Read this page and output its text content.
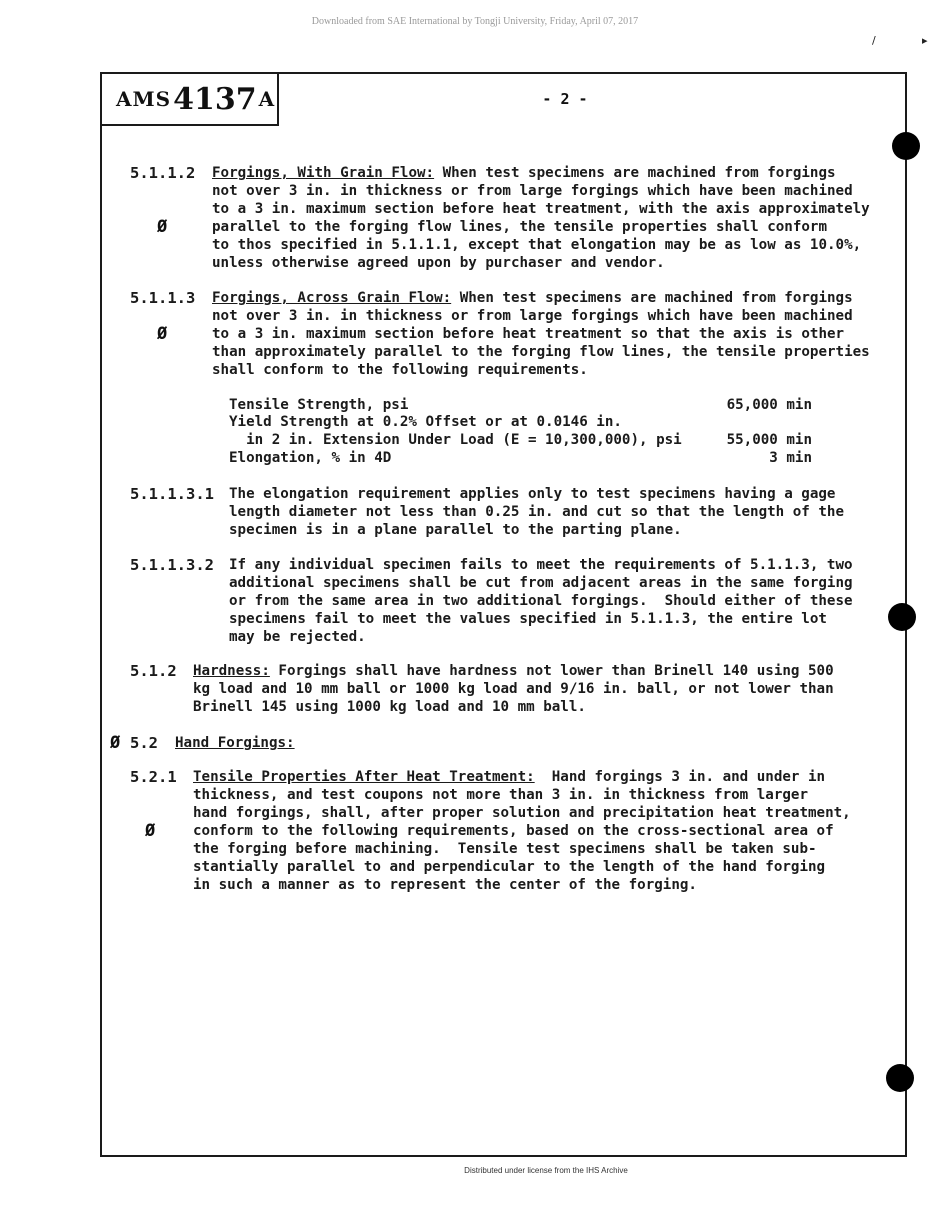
Downloaded from SAE International by Tongji University, Friday, April 07, 2017
/	▸
AMS 4137 A	- 2 -
5.1.1.2 Forgings, With Grain Flow: When test specimens are machined from forgings
not over 3 in. in thickness or from large forgings which have been machined
to a 3 in. maximum section before heat treatment, with the axis approximately
Ø	parallel to the forging flow lines, the tensile properties shall conform
to thos specified in 5.1.1.1, except that elongation may be as low as 10.0%,
unless otherwise agreed upon by purchaser and vendor.
5.1.1.3 Forgings, Across Grain Flow: When test specimens are machined from forgings
not over 3 in. in thickness or from large forgings which have been machined
Ø	to a 3 in. maximum section before heat treatment so that the axis is other
than approximately parallel to the forging flow lines, the tensile properties
shall conform to the following requirements.
Tensile Strength, psi	65,000 min
Yield Strength at 0.2% Offset or at 0.0146 in.
in 2 in. Extension Under Load (E = 10,300,000), psi	55,000 min
Elongation, % in 4D	3 min
5.1.1.3.1 The elongation requirement applies only to test specimens having a gage
length diameter not less than 0.25 in. and cut so that the length of the
specimen is in a plane parallel to the parting plane.
5.1.1.3.2 If any individual specimen fails to meet the requirements of 5.1.1.3, two
additional specimens shall be cut from adjacent areas in the same forging
or from the same area in two additional forgings.  Should either of these
specimens fail to meet the values specified in 5.1.1.3, the entire lot
may be rejected.
5.1.2 Hardness: Forgings shall have hardness not lower than Brinell 140 using 500
kg load and 10 mm ball or 1000 kg load and 9/16 in. ball, or not lower than
Brinell 145 using 1000 kg load and 10 mm ball.
Ø 5.2 Hand Forgings:
5.2.1 Tensile Properties After Heat Treatment:  Hand forgings 3 in. and under in
thickness, and test coupons not more than 3 in. in thickness from larger
hand forgings, shall, after proper solution and precipitation heat treatment,
Ø	conform to the following requirements, based on the cross-sectional area of
the forging before machining.  Tensile test specimens shall be taken sub-
stantially parallel to and perpendicular to the length of the hand forging
in such a manner as to represent the center of the forging.
Distributed under license from the IHS Archive
